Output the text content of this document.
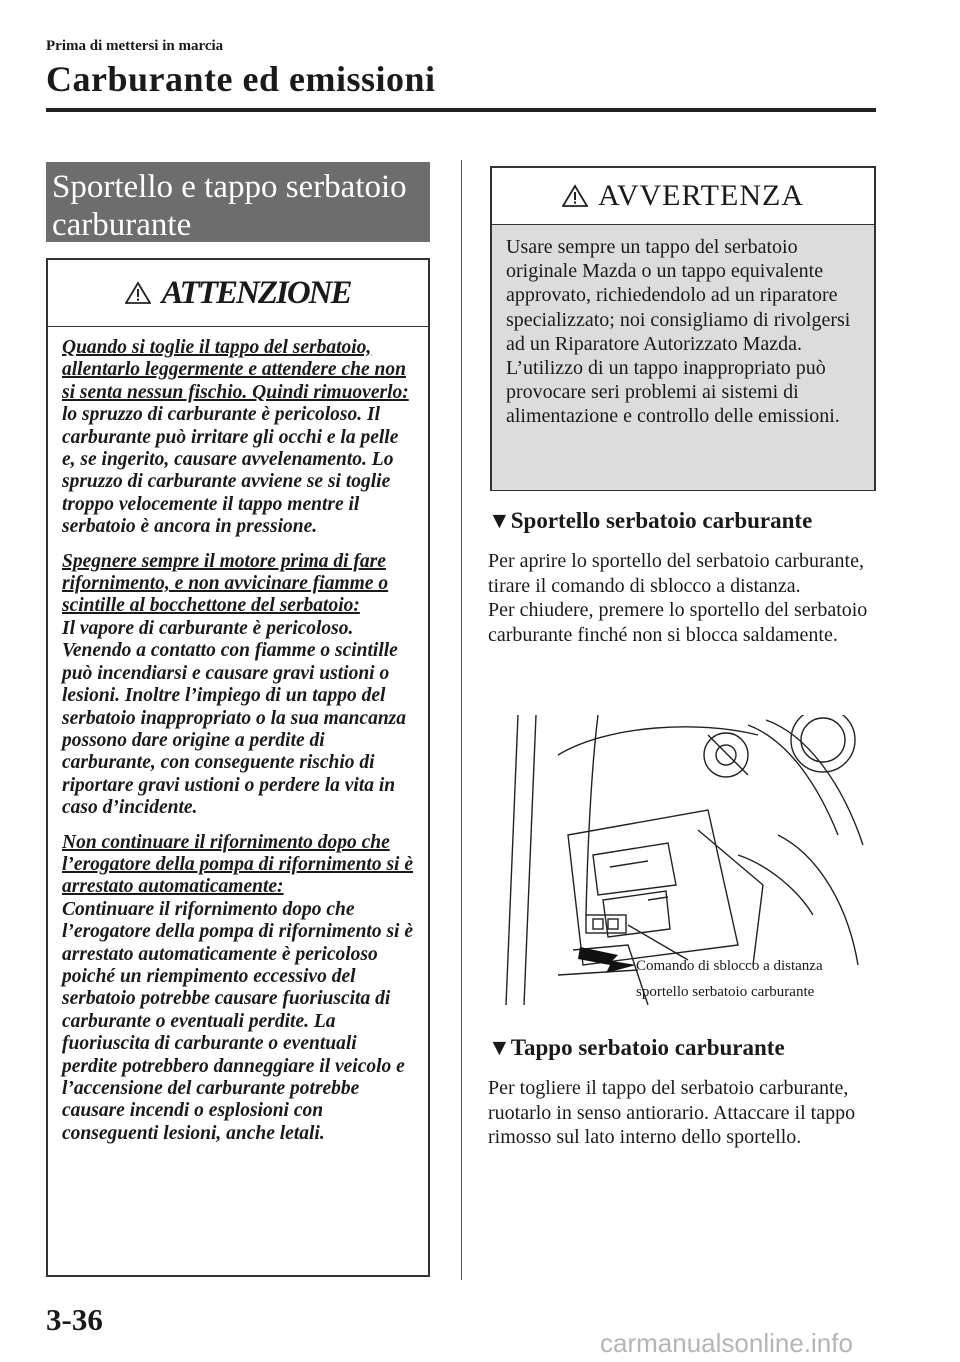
Prima di mettersi in marcia
Carburante ed emissioni
Sportello e tappo serbatoio carburante
ATTENZIONE
Quando si toglie il tappo del serbatoio, allentarlo leggermente e attendere che non si senta nessun fischio. Quindi rimuoverlo:
lo spruzzo di carburante è pericoloso. Il carburante può irritare gli occhi e la pelle e, se ingerito, causare avvelenamento. Lo spruzzo di carburante avviene se si toglie troppo velocemente il tappo mentre il serbatoio è ancora in pressione.
Spegnere sempre il motore prima di fare rifornimento, e non avvicinare fiamme o scintille al bocchettone del serbatoio:
Il vapore di carburante è pericoloso. Venendo a contatto con fiamme o scintille può incendiarsi e causare gravi ustioni o lesioni. Inoltre l’impiego di un tappo del serbatoio inappropriato o la sua mancanza possono dare origine a perdite di carburante, con conseguente rischio di riportare gravi ustioni o perdere la vita in caso d’incidente.
Non continuare il rifornimento dopo che l’erogatore della pompa di rifornimento si è arrestato automaticamente:
Continuare il rifornimento dopo che l’erogatore della pompa di rifornimento si è arrestato automaticamente è pericoloso poiché un riempimento eccessivo del serbatoio potrebbe causare fuoriuscita di carburante o eventuali perdite. La fuoriuscita di carburante o eventuali perdite potrebbero danneggiare il veicolo e l’accensione del carburante potrebbe causare incendi o esplosioni con conseguenti lesioni, anche letali.
AVVERTENZA
Usare sempre un tappo del serbatoio originale Mazda o un tappo equivalente approvato, richiedendolo ad un riparatore specializzato; noi consigliamo di rivolgersi ad un Riparatore Autorizzato Mazda. L’utilizzo di un tappo inappropriato può provocare seri problemi ai sistemi di alimentazione e controllo delle emissioni.
▼Sportello serbatoio carburante
Per aprire lo sportello del serbatoio carburante, tirare il comando di sblocco a distanza.
Per chiudere, premere lo sportello del serbatoio carburante finché non si blocca saldamente.
Comando di sblocco a distanza
sportello serbatoio carburante
▼Tappo serbatoio carburante
Per togliere il tappo del serbatoio carburante, ruotarlo in senso antiorario. Attaccare il tappo rimosso sul lato interno dello sportello.
3-36
carmanualsonline.info
